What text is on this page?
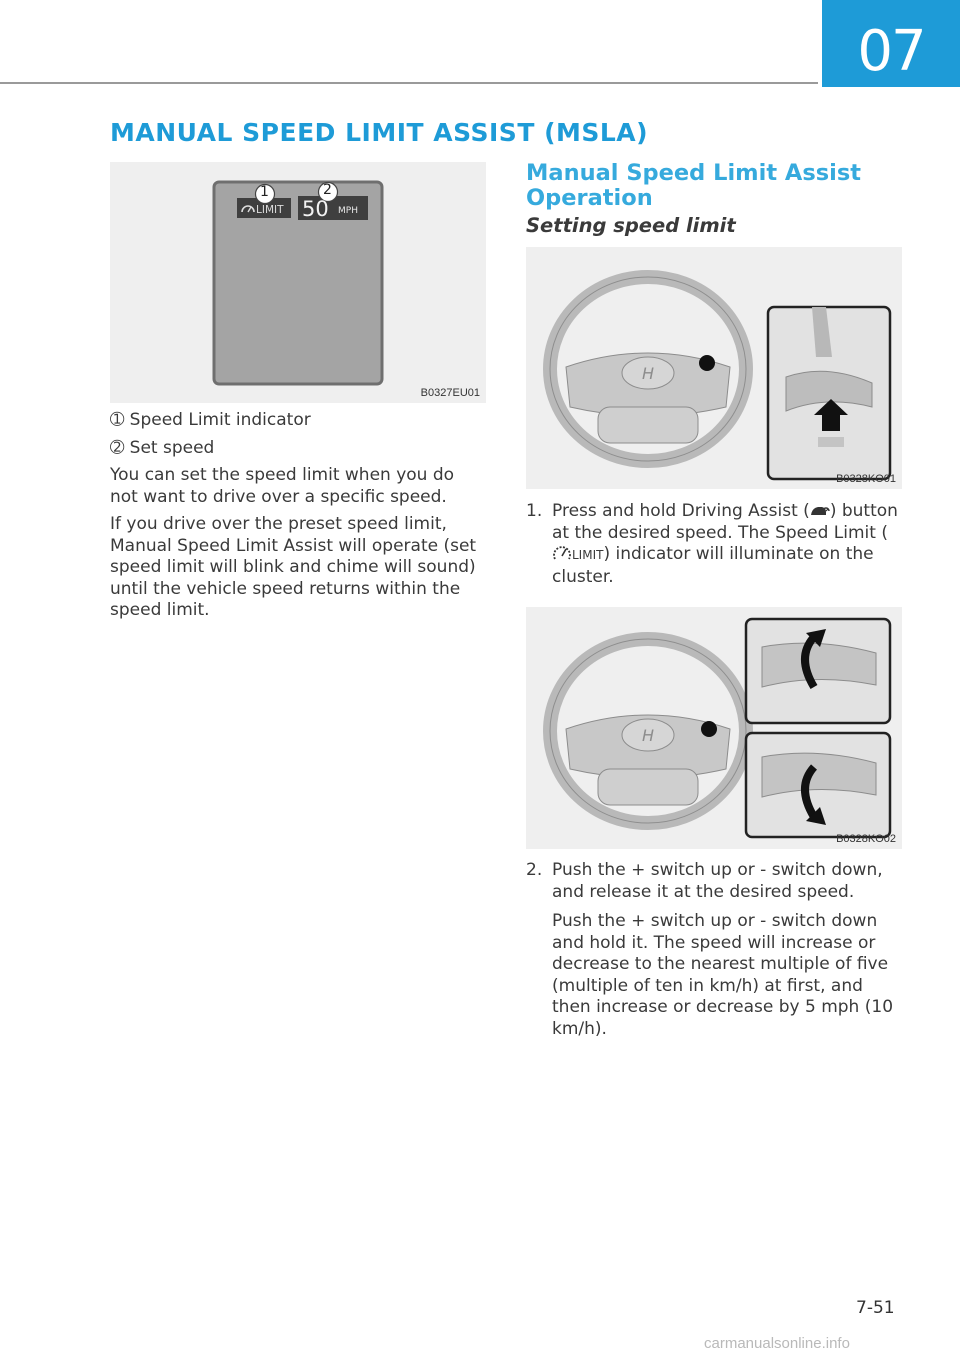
07
MANUAL SPEED LIMIT ASSIST (MSLA)
1	2
LIMIT 50 MPH
B0327EU01

➀ Speed Limit indicator

➁ Set speed

You can set the speed limit when you do not want to drive over a specific speed.

If you drive over the preset speed limit, Manual Speed Limit Assist will operate (set speed limit will blink and chime will sound) until the vehicle speed returns within the speed limit.

Manual Speed Limit Assist Operation
Setting speed limit
H
B0328KO01
1. Press and hold Driving Assist ( ) button at the desired speed. The Speed Limit (LIMIT) indicator will illuminate on the cluster.

H
B0328KO02
2. Push the + switch up or - switch down, and release it at the desired speed.

Push the + switch up or - switch down and hold it. The speed will increase or decrease to the nearest multiple of five (multiple of ten in km/h) at first, and then increase or decrease by 5 mph (10 km/h).

7-51
carmanualsonline.info
